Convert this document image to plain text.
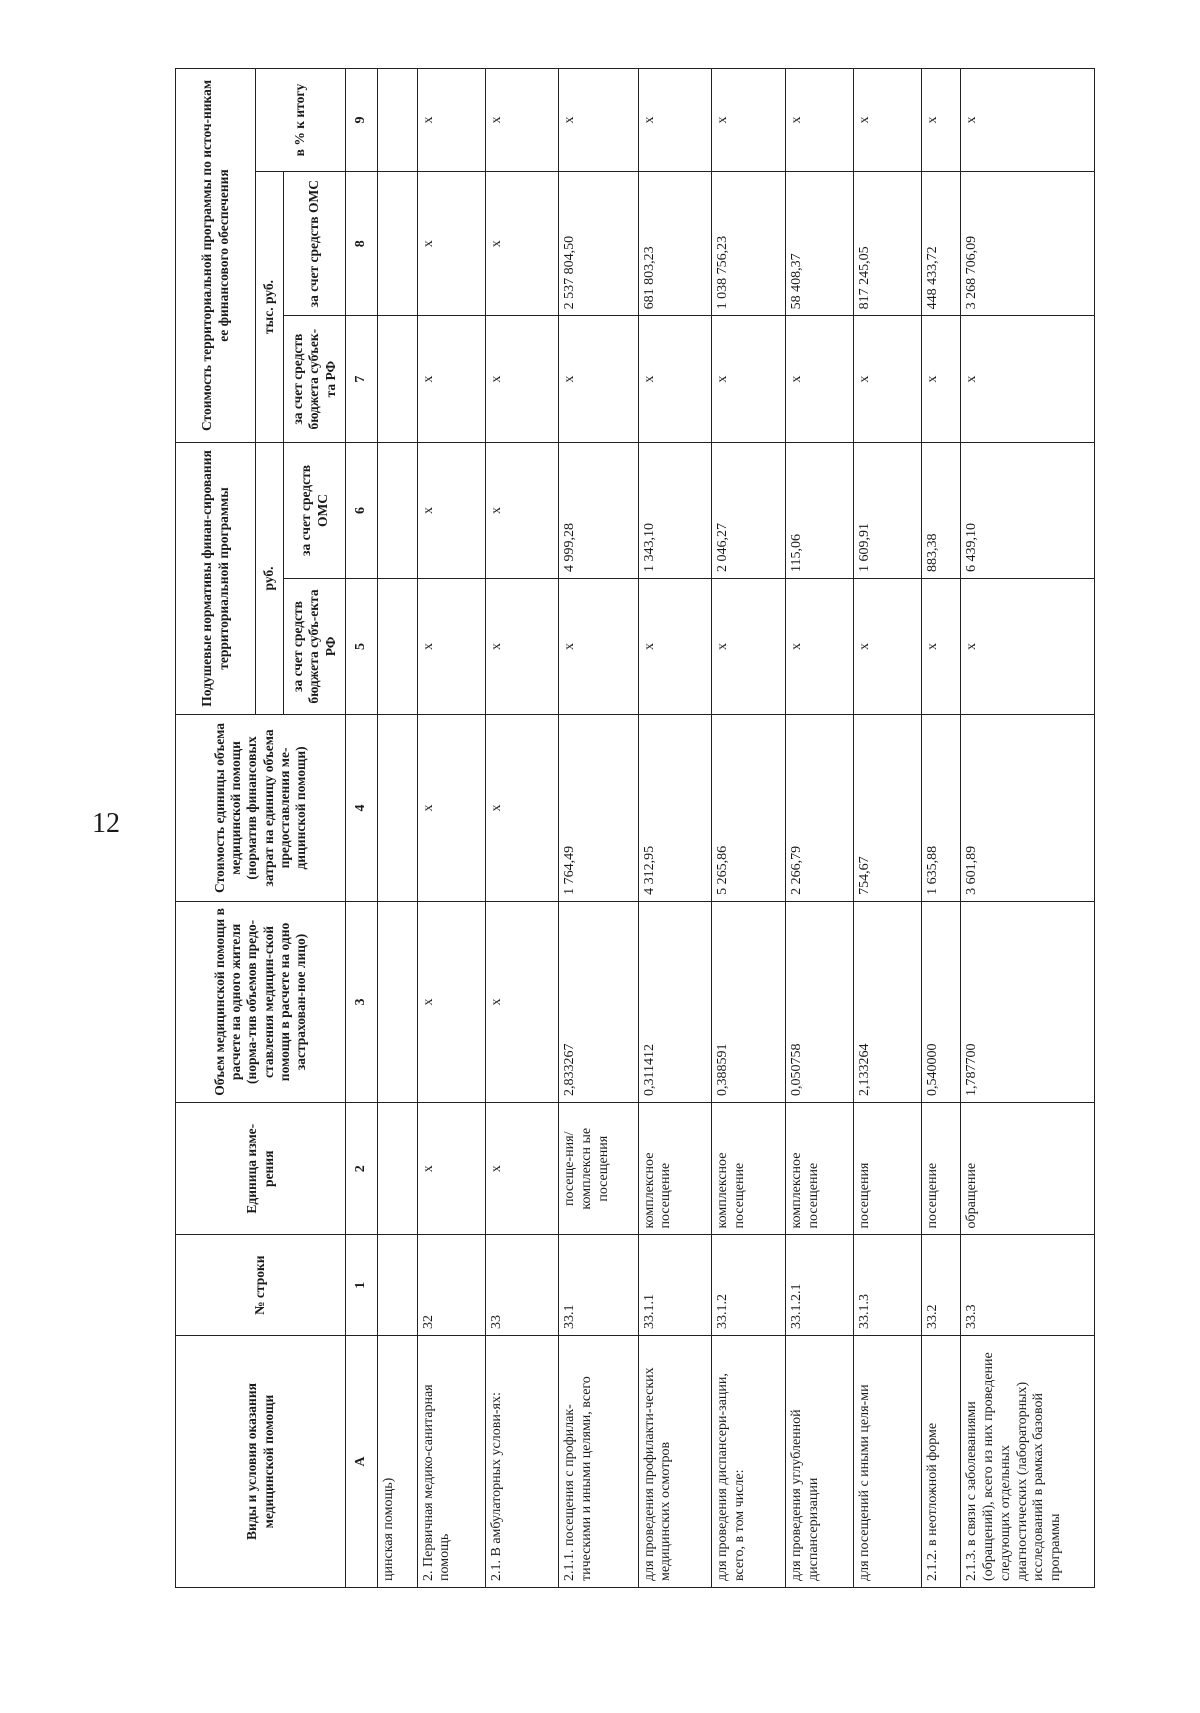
12
Виды и условия оказания медицинской помощи	№ строки	Единица изме-рения	Объем медицинской помощи в расчете на одного жителя (норма-тив объемов предо-ставления медицин-ской помощи в расчете на одно застрахован-ное лицо)	Стоимость единицы объема медицинской помощи (норматив финансовых затрат на единицу объема предоставления ме-дицинской помощи)	Подушевые нормативы финан-сирования территориальной программы		Стоимость территориальной программы по источ-никам ее финансового обеспечения		
					руб.		тыс. руб.		в % к итогу
					за счет средств бюджета субъ-екта РФ	за счет средств ОМС	за счет средств бюджета субъек-та РФ	за счет средств ОМС	
А	1	2	3	4	5	6	7	8	9
цинская помощь)									
2. Первичная медико-санитарная помощь	32	х	х	х	х	х	х	х	х
2.1. В амбулаторных услови-ях:	33	х	х	х	х	х	х	х	х
2.1.1. посещения с профилак-тическими и иными целями, всего	33.1	посеще-ния/комплексн ые посещения	2,833267	1 764,49	х	4 999,28	х	2 537 804,50	х
для проведения профилакти-ческих медицинских осмотров	33.1.1	комплексное посещение	0,311412	4 312,95	х	1 343,10	х	681 803,23	х
для проведения диспансери-зации, всего, в том числе:	33.1.2	комплексное посещение	0,388591	5 265,86	х	2 046,27	х	1 038 756,23	х
для проведения углубленной диспансеризации	33.1.2.1	комплексное посещение	0,050758	2 266,79	х	115,06	х	58 408,37	х
для посещений с иными целя-ми	33.1.3	посещения	2,133264	754,67	х	1 609,91	х	817 245,05	х
2.1.2. в неотложной форме	33.2	посещение	0,540000	1 635,88	х	883,38	х	448 433,72	х
2.1.3. в связи с заболеваниями (обращений), всего из них проведение следующих отдельных диагностических (лабораторных) исследований в рамках базовой программы	33.3	обращение	1,787700	3 601,89	х	6 439,10	х	3 268 706,09	х
